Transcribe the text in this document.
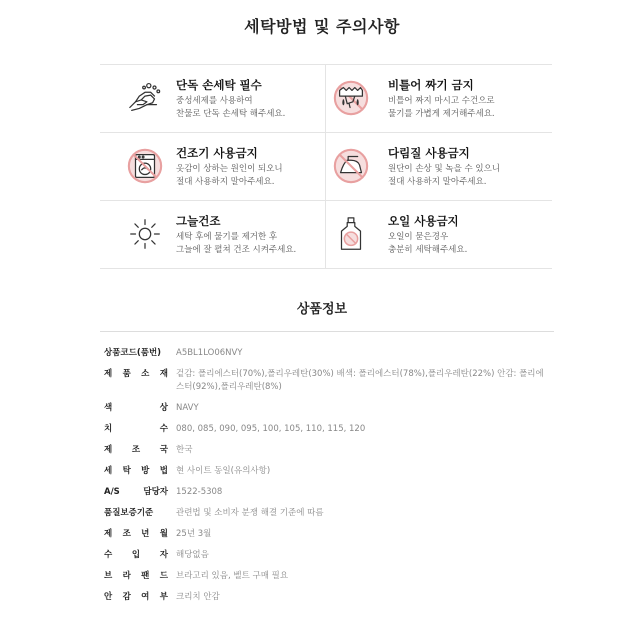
세탁방법 및 주의사항
단독 손세탁 필수
중성세제를 사용하여
찬물로 단독 손세탁 해주세요.
비틀어 짜기 금지
비틀어 짜지 마시고 수건으로
물기를 가볍게 제거해주세요.
건조기 사용금지
옷감이 상하는 원인이 되오니
절대 사용하지 말아주세요.
다림질 사용금지
원단이 손상 및 녹을 수 있으니
절대 사용하지 말아주세요.
그늘건조
세탁 후에 물기를 제거한 후
그늘에 잘 펼쳐 건조 시켜주세요.
오일 사용금지
오일이 묻은경우
충분히 세탁해주세요.
상품정보
상품코드(품번)	A5BL1LO06NVY
제 품 소 재 겉감: 폴리에스터(70%),폴리우레탄(30%) 배색: 폴리에스터(78%),폴리우레탄(22%) 안감: 폴리에스터(92%),폴리우레탄(8%)
색 상 NAVY
치 수 080, 085, 090, 095, 100, 105, 110, 115, 120
제 조 국 한국
세 탁 방 법 현 사이트 동일(유의사항)
A/S 담당자 1522-5308
품질보증기준	관련법 및 소비자 분쟁 해결 기준에 따름
제 조 년 월 25년 3월
수 입 자 해당없음
브 라 팬 드 브라고리 있음, 벨트 구매 필요
안 감 여 부 크리치 안감
